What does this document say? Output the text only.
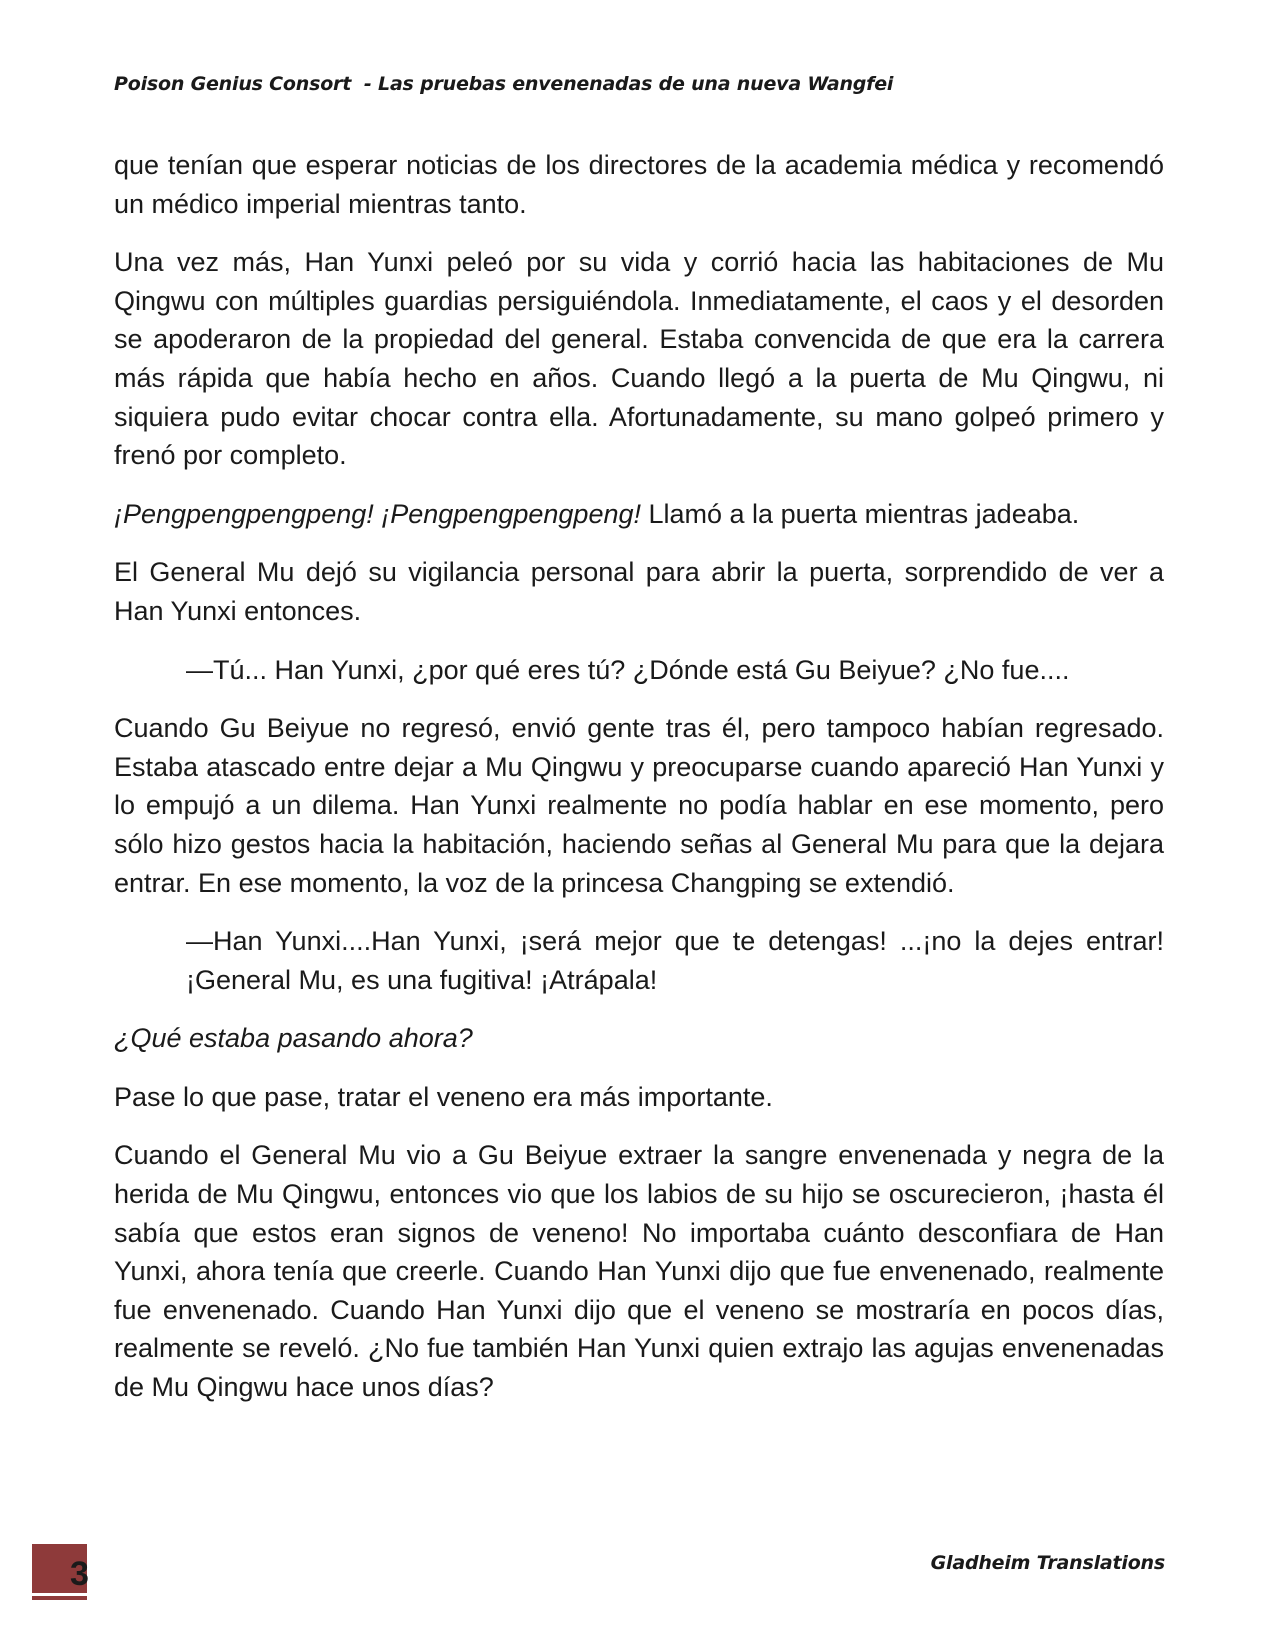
Poison Genius Consort  - Las pruebas envenenadas de una nueva Wangfei

que tenían que esperar noticias de los directores de la academia médica y recomendó un médico imperial mientras tanto.

Una vez más, Han Yunxi peleó por su vida y corrió hacia las habitaciones de Mu Qingwu con múltiples guardias persiguiéndola. Inmediatamente, el caos y el desorden se apoderaron de la propiedad del general. Estaba convencida de que era la carrera más rápida que había hecho en años. Cuando llegó a la puerta de Mu Qingwu, ni siquiera pudo evitar chocar contra ella. Afortunadamente, su mano golpeó primero y frenó por completo.

¡Pengpengpengpeng! ¡Pengpengpengpeng! Llamó a la puerta mientras jadeaba.

El General Mu dejó su vigilancia personal para abrir la puerta, sorprendido de ver a Han Yunxi entonces.

—Tú... Han Yunxi, ¿por qué eres tú? ¿Dónde está Gu Beiyue? ¿No fue....

Cuando Gu Beiyue no regresó, envió gente tras él, pero tampoco habían regresado. Estaba atascado entre dejar a Mu Qingwu y preocuparse cuando apareció Han Yunxi y lo empujó a un dilema. Han Yunxi realmente no podía hablar en ese momento, pero sólo hizo gestos hacia la habitación, haciendo señas al General Mu para que la dejara entrar. En ese momento, la voz de la princesa Changping se extendió.

—Han Yunxi....Han Yunxi, ¡será mejor que te detengas! ...¡no la dejes entrar! ¡General Mu, es una fugitiva! ¡Atrápala!

¿Qué estaba pasando ahora?

Pase lo que pase, tratar el veneno era más importante.

Cuando el General Mu vio a Gu Beiyue extraer la sangre envenenada y negra de la herida de Mu Qingwu, entonces vio que los labios de su hijo se oscurecieron, ¡hasta él sabía que estos eran signos de veneno! No importaba cuánto desconfiara de Han Yunxi, ahora tenía que creerle. Cuando Han Yunxi dijo que fue envenenado, realmente fue envenenado. Cuando Han Yunxi dijo que el veneno se mostraría en pocos días, realmente se reveló. ¿No fue también Han Yunxi quien extrajo las agujas envenenadas de Mu Qingwu hace unos días?

3	Gladheim Translations
